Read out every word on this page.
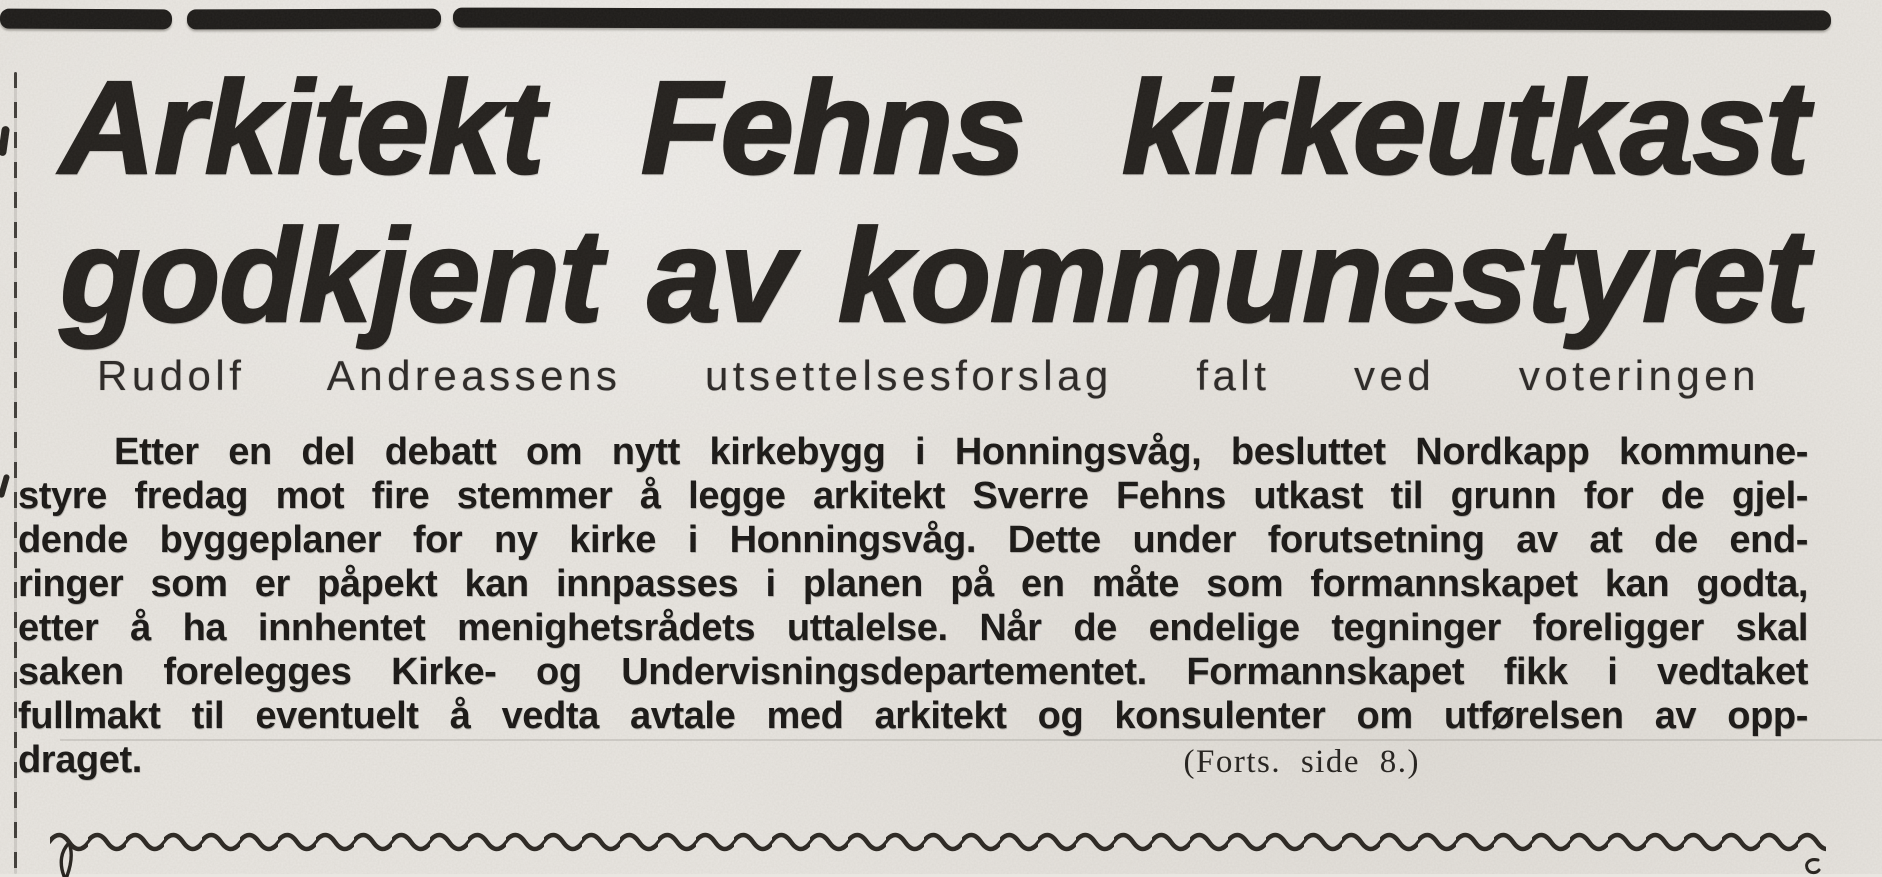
Arkitekt Fehns kirkeutkast
godkjent av kommunestyret
Rudolf Andreassens utsettelsesforslag falt ved voteringen
Etter en del debatt om nytt kirkebygg i Honningsvåg, besluttet Nordkapp kommune-
styre fredag mot fire stemmer å legge arkitekt Sverre Fehns utkast til grunn for de gjel-
dende byggeplaner for ny kirke i Honningsvåg. Dette under forutsetning av at de end-
ringer som er påpekt kan innpasses i planen på en måte som formannskapet kan godta,
etter å ha innhentet menighetsrådets uttalelse. Når de endelige tegninger foreligger skal
saken forelegges Kirke- og Undervisningsdepartementet. Formannskapet fikk i vedtaket
fullmakt til eventuelt å vedta avtale med arkitekt og konsulenter om utførelsen av opp-
draget.	(Forts. side 8.)
